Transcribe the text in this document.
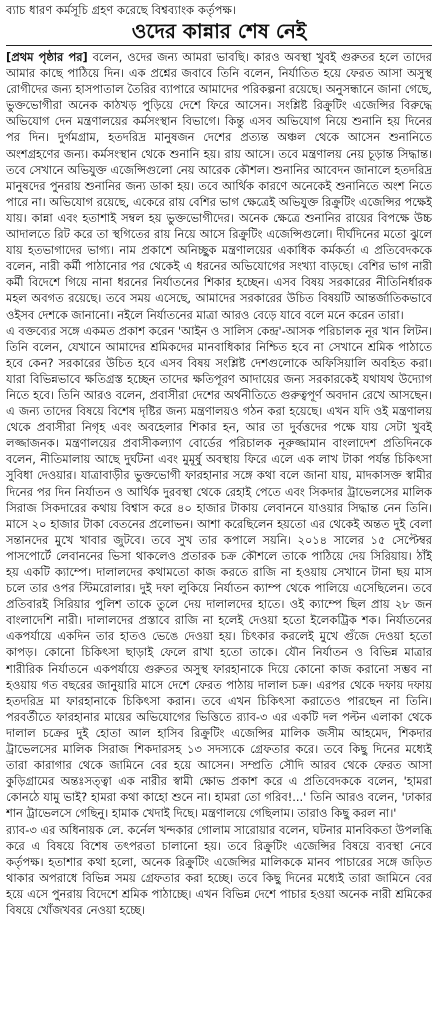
ব্যাচ ধারণ কর্মসূচি গ্রহণ করেছে বিশ্বব্যাংক কর্তৃপক্ষ।
ওদের কান্নার শেষ নেই

[প্রথম পৃষ্ঠার পর] বলেন, ওদের জন্য আমরা ভাবছি। কারও অবস্থা খুবই গুরুতর হলে তাদের আমার কাছে পাঠিয়ে দিন। এক প্রশ্নের জবাবে তিনি বলেন, নির্যাতিত হয়ে ফেরত আসা অসুস্থ রোগীদের জন্য হাসপাতাল তৈরির ব্যাপারে আমাদের পরিকল্পনা রয়েছে। অনুসন্ধানে জানা গেছে, ভুক্তভোগীরা অনেক কাঠখড় পুড়িয়ে দেশে ফিরে আসেন। সংশ্লিষ্ট রিক্রুটিং এজেন্সির বিরুদ্ধে অভিযোগ দেন মন্ত্রণালয়ের কর্মসংস্থান বিভাগে। কিন্তু এসব অভিযোগ নিয়ে শুনানি হয় দিনের পর দিন। দুর্গমগ্রাম, হতদরিদ্র মানুষজন দেশের প্রত্যন্ত অঞ্চল থেকে আসেন শুনানিতে অংশগ্রহণের জন্য। কর্মসংস্থান থেকে শুনানি হয়। রায় আসে। তবে মন্ত্রণালয় নেয় চূড়ান্ত সিদ্ধান্ত। তবে সেখানে অভিযুক্ত এজেন্সিগুলো নেয় আরেক কৌশল। শুনানির আবেদন জানালে হতদরিদ্র মানুষদের পুনরায় শুনানির জন্য ডাকা হয়। তবে আর্থিক কারণে অনেকেই শুনানিতে অংশ নিতে পারে না। অভিযোগ রয়েছে, একেরে রায় বেশির ভাগ ক্ষেত্রেই অভিযুক্ত রিক্রুটিং এজেন্সির পক্ষেই যায়। কান্না এবং হতাশাই সম্বল হয় ভুক্তভোগীদের। অনেক ক্ষেত্রে শুনানির রায়ের বিপক্ষে উচ্চ আদালতে রিট করে তা স্থগিতের রায় নিয়ে আসে রিক্রুটিং এজেন্সিগুলো। দীর্ঘদিনের মতো ঝুলে যায় হতভাগাদের ভাগ্য। নাম প্রকাশে অনিচ্ছুক মন্ত্রণালয়ের একাধিক কর্মকর্তা এ প্রতিবেদককে বলেন, নারী কর্মী পাঠানোর পর থেকেই এ ধরনের অভিযোগের সংখ্যা বাড়ছে। বেশির ভাগ নারী কর্মী বিদেশে গিয়ে নানা ধরনের নির্যাতনের শিকার হচ্ছেন। এসব বিষয় সরকারের নীতিনির্ধারক মহল অবগত রয়েছে। তবে সময় এসেছে, আমাদের সরকারের উচিত বিষয়টি আন্তর্জাতিকভাবে ওইসব দেশকে জানানো। নইলে নির্যাতনের মাত্রা আরও বেড়ে যাবে বলে মনে করেন তারা।

এ বক্তব্যের সঙ্গে একমত প্রকাশ করেন 'আইন ও সালিস কেন্দ্র'-আসক পরিচালক নূর খান লিটন। তিনি বলেন, যেখানে আমাদের শ্রমিকদের মানবাধিকার নিশ্চিত হবে না সেখানে শ্রমিক পাঠাতে হবে কেন? সরকারের উচিত হবে এসব বিষয় সংশ্লিষ্ট দেশগুলোকে অফিসিয়ালি অবহিত করা। যারা বিভিন্নভাবে ক্ষতিগ্রস্ত হচ্ছেন তাদের ক্ষতিপূরণ আদায়ের জন্য সরকারকেই যথাযথ উদ্যোগ নিতে হবে। তিনি আরও বলেন, প্রবাসীরা দেশের অর্থনীতিতে গুরুত্বপূর্ণ অবদান রেখে আসছেন। এ জন্য তাদের বিষয়ে বিশেষ দৃষ্টির জন্য মন্ত্রণালয়ও গঠন করা হয়েছে। এখন যদি ওই মন্ত্রণালয় থেকে প্রবাসীরা নিগৃহ এবং অবহেলার শিকার হন, আর তা দুর্বত্তদের পক্ষে যায় সেটা খুবই লজ্জাজনক। মন্ত্রণালয়ের প্রবাসীকল্যাণ বোর্ডের পরিচালক নূরুজ্জামান বাংলাদেশ প্রতিদিনকে বলেন, নীতিমালায় আছে দুর্ঘটনা এবং মুমূর্ষু অবস্থায় ফিরে এলে এক লাখ টাকা পর্যন্ত চিকিৎসা সুবিধা দেওয়ার। যাত্রাবাড়ীর ভুক্তভোগী ফারহানার সঙ্গে কথা বলে জানা যায়, মাদকাসক্ত স্বামীর দিনের পর দিন নির্যাতন ও আর্থিক দুরবস্থা থেকে রেহাই পেতে এবং সিকদার ট্রাভেলসের মালিক সিরাজ সিকদারের কথায় বিশ্বাস করে ৪০ হাজার টাকায় লেবাননে যাওয়ার সিদ্ধান্ত নেন তিনি। মাসে ২০ হাজার টাকা বেতনের প্রলোভন। আশা করেছিলেন হয়তো এর থেকেই অন্তত দুই বেলা সন্তানদের মুখে খাবার জুটবে। তবে সুখ তার কপালে সয়নি। ২০১৪ সালের ১৫ সেপ্টেম্বর পাসপোর্টে লেবাননের ভিসা থাকলেও প্রতারক চক্র কৌশলে তাকে পাঠিয়ে দেয় সিরিয়ায়। ঠাঁই হয় একটি ক্যাম্পে। দালালদের কথামতো কাজ করতে রাজি না হওয়ায় সেখানে টানা ছয় মাস চলে তার ওপর স্টিমরোলার। দুই দফা লুকিয়ে নির্যাতন ক্যাম্প থেকে পালিয়ে এসেছিলেন। তবে প্রতিবারই সিরিয়ার পুলিশ তাকে তুলে দেয় দালালদের হাতে। ওই ক্যাম্পে ছিল প্রায় ২৮ জন বাংলাদেশি নারী। দালালদের প্রস্তাবে রাজি না হলেই দেওয়া হতো ইলেকট্রিক শক। নির্যাতনের একপর্যায়ে একদিন তার হাতও ভেঙে দেওয়া হয়। চিৎকার করলেই মুখে গুঁজে দেওয়া হতো কাপড়। কোনো চিকিৎসা ছাড়াই ফেলে রাখা হতো তাকে। যৌন নির্যাতন ও বিভিন্ন মাত্রার শারীরিক নির্যাতনে একপর্যায়ে গুরুতর অসুস্থ ফারহানাকে দিয়ে কোনো কাজ করানো সম্ভব না হওয়ায় গত বছরের জানুয়ারি মাসে দেশে ফেরত পাঠায় দালাল চক্র। এরপর থেকে দফায় দফায় হতদরিদ্র মা ফারহানাকে চিকিৎসা করান। তবে এখন চিকিৎসা করাতেও পারছেন না তিনি। পরবর্তীতে ফারহানার মায়ের অভিযোগের ভিত্তিতে র‍্যাব-৩ এর একটি দল পল্টন এলাকা থেকে দালাল চক্রের দুই হোতা আল হাসিব রিক্রুটিং এজেন্সির মালিক জসীম আহমেদ, শিকদার ট্রাভেলসের মালিক সিরাজ শিকদারসহ ১৩ সদস্যকে গ্রেফতার করে। তবে কিছু দিনের মধ্যেই তারা কারাগার থেকে জামিনে বের হয়ে আসেন। সম্প্রতি সৌদি আরব থেকে ফেরত আসা কুড়িগ্রামের অন্তঃসত্ত্বা এক নারীর স্বামী ক্ষোভ প্রকাশ করে এ প্রতিবেদককে বলেন, 'হামরা কোনঠে যামু ভাই? হামরা কথা কাহো শুনে না। হামরা তো গরিব!...' তিনি আরও বলেন, 'ঢাকার শান ট্রাভেলসে গেছিনু। হামাক খেদাই দিছে। মন্ত্রণালয়ে গেছিলাম। তারাও কিছু করল না।'

র‍্যাব-৩ এর অধিনায়ক লে. কর্নেল খন্দকার গোলাম সারোয়ার বলেন, ঘটনার মানবিকতা উপলব্ধি করে এ বিষয়ে বিশেষ তৎপরতা চালানো হয়। তবে রিক্রুটিং এজেন্সির বিষয়ে ব্যবস্থা নেবে কর্তৃপক্ষ। হতাশার কথা হলো, অনেক রিক্রুটিং এজেন্সির মালিককে মানব পাচারের সঙ্গে জড়িত থাকার অপরাধে বিভিন্ন সময় গ্রেফতার করা হচ্ছে। তবে কিছু দিনের মধ্যেই তারা জামিনে বের হয়ে এসে পুনরায় বিদেশে শ্রমিক পাঠাচ্ছে। এখন বিভিন্ন দেশে পাচার হওয়া অনেক নারী শ্রমিকের বিষয়ে খোঁজখবর নেওয়া হচ্ছে।
